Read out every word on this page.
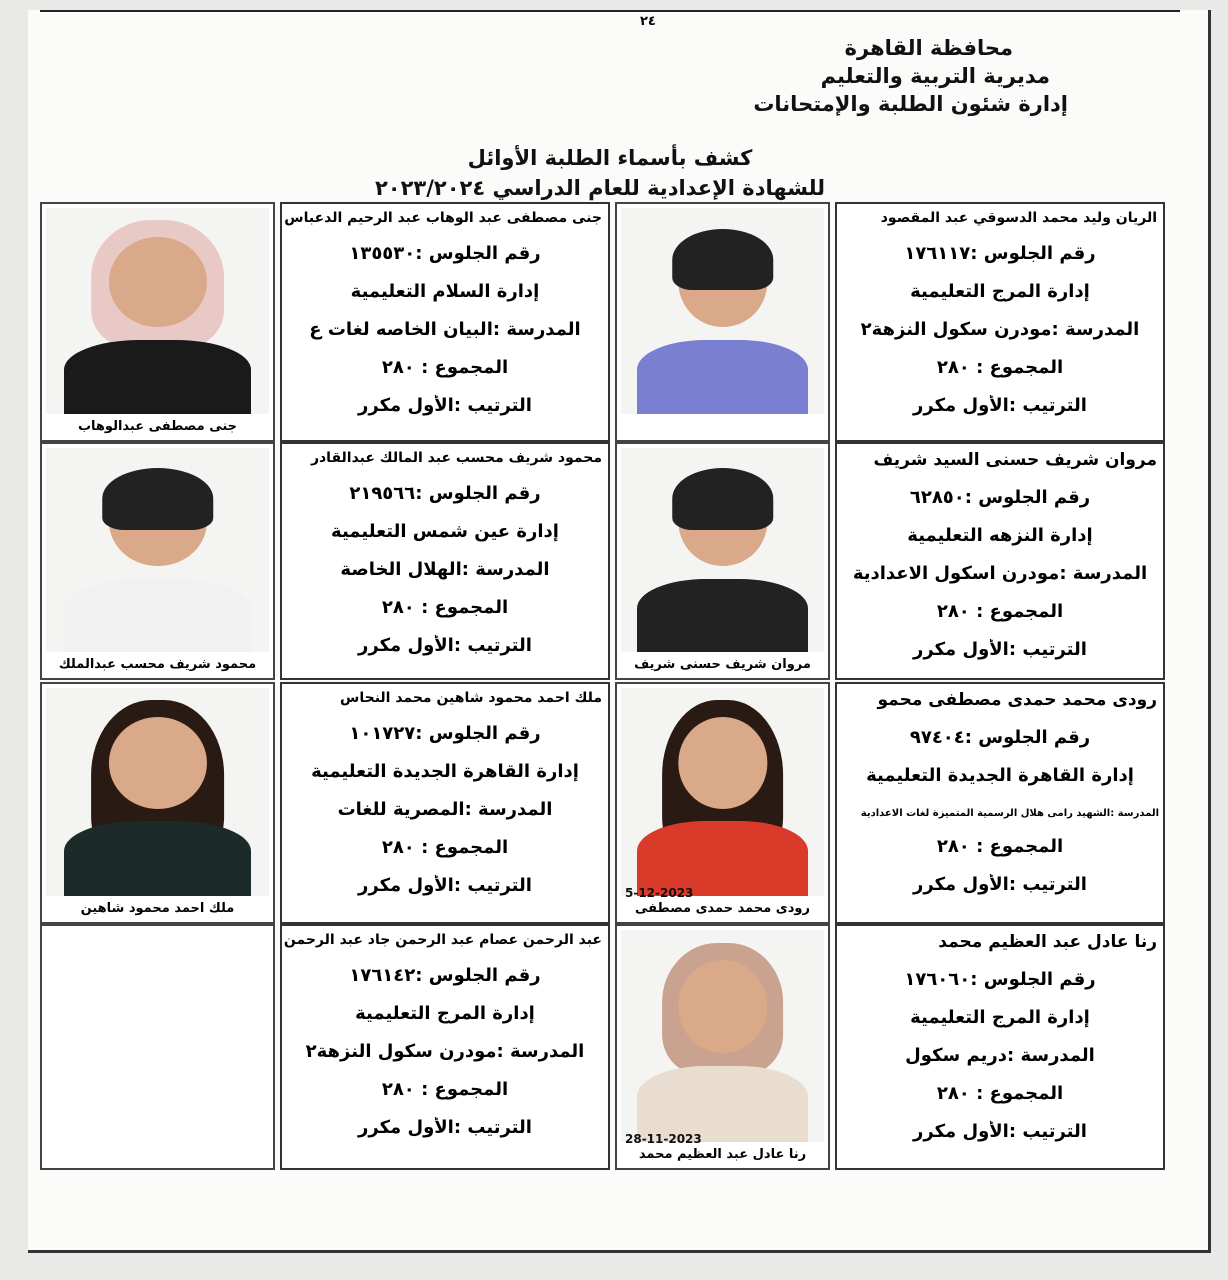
٢٤
محافظة القاهرة
مديرية التربية والتعليم
إدارة شئون الطلبة والإمتحانات
كشف بأسماء الطلبة الأوائل
للشهادة الإعدادية للعام الدراسي ٢٠٢٣/٢٠٢٤
الريان وليد محمد الدسوقي عبد المقصود
رقم الجلوس :١٧٦١١٧
إدارة المرج التعليمية
المدرسة :مودرن سكول النزهة٢
المجموع : ٢٨٠
الترتيب :الأول مكرر
جنى مصطفى عبد الوهاب عبد الرحيم الدعباس
رقم الجلوس :١٣٥٥٣٠
إدارة السلام التعليمية
المدرسة :البيان الخاصه لغات ع
المجموع : ٢٨٠
الترتيب :الأول مكرر
جنى مصطفى عبدالوهاب
مروان شريف حسنى السيد شريف
رقم الجلوس :٦٢٨٥٠
إدارة النزهه التعليمية
المدرسة :مودرن اسكول الاعدادية
المجموع : ٢٨٠
الترتيب :الأول مكرر
مروان شريف حسنى شريف
محمود شريف محسب عبد المالك عبدالقادر
رقم الجلوس :٢١٩٥٦٦
إدارة عين شمس التعليمية
المدرسة :الهلال الخاصة
المجموع : ٢٨٠
الترتيب :الأول مكرر
محمود شريف محسب عبدالملك
رودى محمد حمدى مصطفى محمو
رقم الجلوس :٩٧٤٠٤
إدارة القاهرة الجديدة التعليمية
المدرسة :الشهيد رامى هلال الرسمية المتميزة لغات الاعدادية
المجموع : ٢٨٠
الترتيب :الأول مكرر
رودى محمد حمدى مصطفى
5-12-2023
ملك احمد محمود شاهين محمد النحاس
رقم الجلوس :١٠١٧٢٧
إدارة القاهرة الجديدة التعليمية
المدرسة :المصرية للغات
المجموع : ٢٨٠
الترتيب :الأول مكرر
ملك احمد محمود شاهين
رنا عادل عبد العظيم محمد
رقم الجلوس :١٧٦٠٦٠
إدارة المرج التعليمية
المدرسة :دريم سكول
المجموع : ٢٨٠
الترتيب :الأول مكرر
رنا عادل عبد العظيم محمد
28-11-2023
عبد الرحمن عصام عبد الرحمن جاد عبد الرحمن
رقم الجلوس :١٧٦١٤٢
إدارة المرج التعليمية
المدرسة :مودرن سكول النزهة٢
المجموع : ٢٨٠
الترتيب :الأول مكرر
